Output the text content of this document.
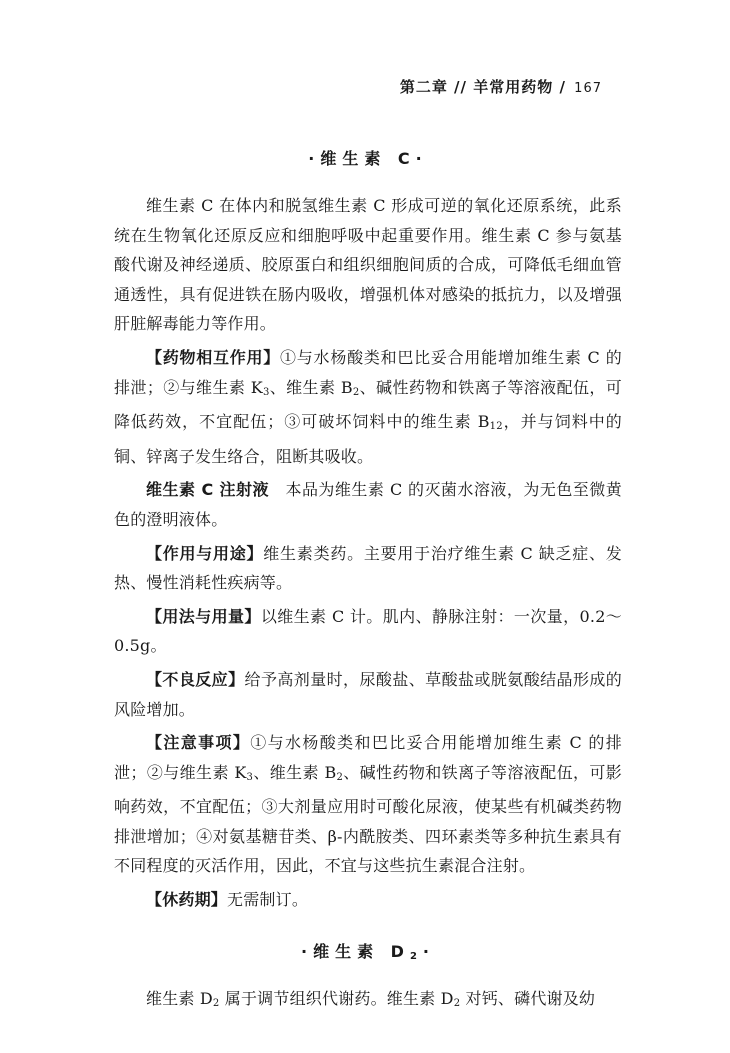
第二章 // 羊常用药物 / 167
·维生素 C·

维生素 C 在体内和脱氢维生素 C 形成可逆的氧化还原系统，此系统在生物氧化还原反应和细胞呼吸中起重要作用。维生素 C 参与氨基酸代谢及神经递质、胶原蛋白和组织细胞间质的合成，可降低毛细血管通透性，具有促进铁在肠内吸收，增强机体对感染的抵抗力，以及增强肝脏解毒能力等作用。

【药物相互作用】①与水杨酸类和巴比妥合用能增加维生素 C 的排泄；②与维生素 $K_3$、维生素 $B_2$、碱性药物和铁离子等溶液配伍，可降低药效，不宜配伍；③可破坏饲料中的维生素 $B_{12}$，并与饲料中的铜、锌离子发生络合，阻断其吸收。

维生素 C 注射液  本品为维生素 C 的灭菌水溶液，为无色至微黄色的澄明液体。

【作用与用途】维生素类药。主要用于治疗维生素 C 缺乏症、发热、慢性消耗性疾病等。

【用法与用量】以维生素 C 计。肌内、静脉注射：一次量，0.2～0.5g。

【不良反应】给予高剂量时，尿酸盐、草酸盐或胱氨酸结晶形成的风险增加。

【注意事项】①与水杨酸类和巴比妥合用能增加维生素 C 的排泄；②与维生素 $K_3$、维生素 $B_2$、碱性药物和铁离子等溶液配伍，可影响药效，不宜配伍；③大剂量应用时可酸化尿液，使某些有机碱类药物排泄增加；④对氨基糖苷类、β-内酰胺类、四环素类等多种抗生素具有不同程度的灭活作用，因此，不宜与这些抗生素混合注射。

【休药期】无需制订。

·维生素 $D_2\cdot$

维生素 $D_2$ 属于调节组织代谢药。维生素 $D_2$ 对钙、磷代谢及幼
